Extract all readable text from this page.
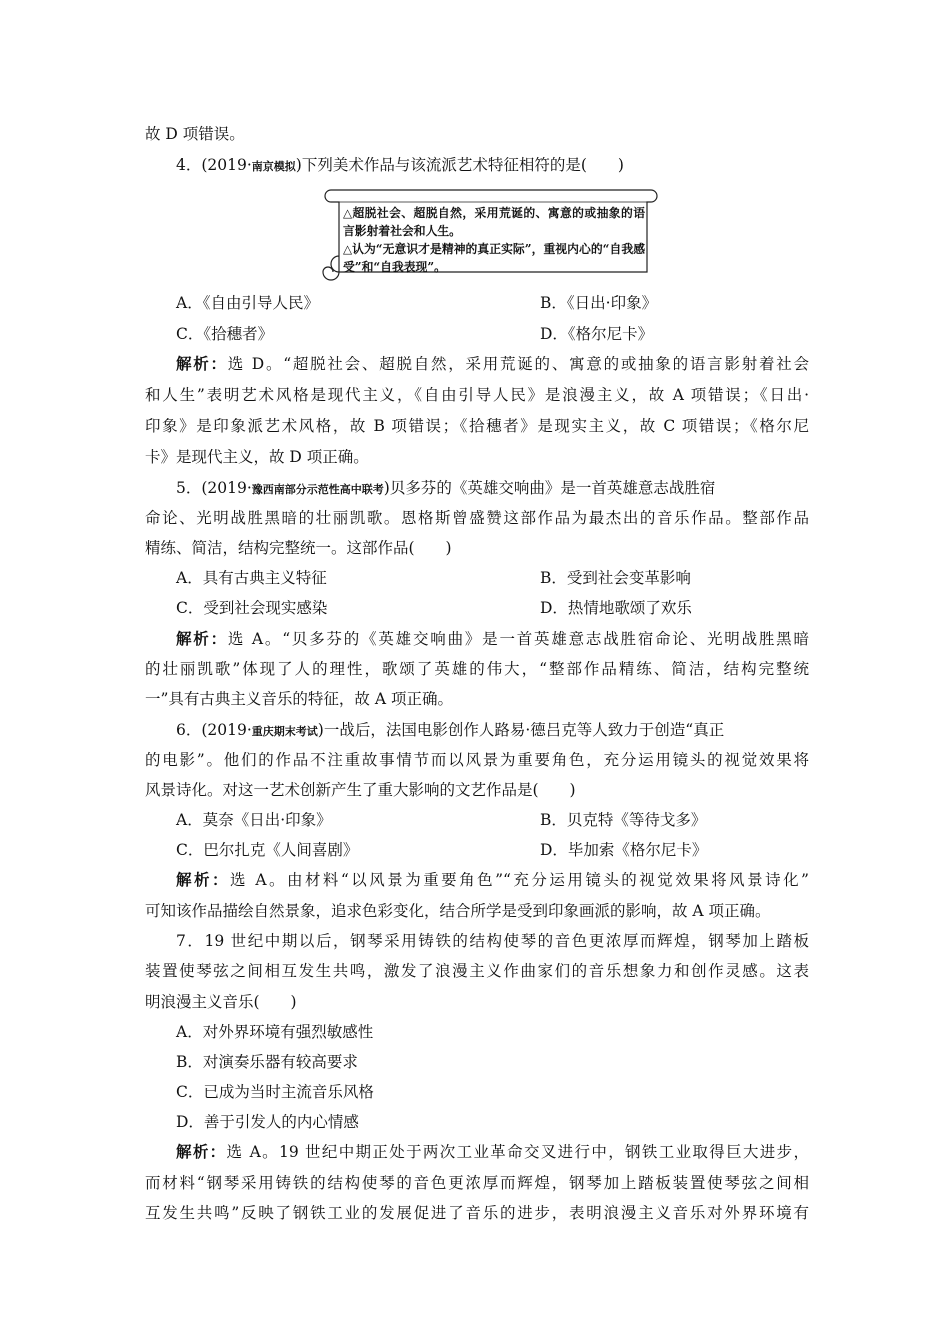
故 D 项错误。
4．(2019·南京模拟)下列美术作品与该流派艺术特征相符的是(　　)
△超脱社会、超脱自然，采用荒诞的、寓意的或抽象的语言影射着社会和人生。
△认为“无意识才是精神的真正实际”，重视内心的“自我感受”和“自我表现”。
A．《自由引导人民》	B．《日出·印象》
C．《拾穗者》	D．《格尔尼卡》
解析：选 D。“超脱社会、超脱自然，采用荒诞的、寓意的或抽象的语言影射着社会
和人生”表明艺术风格是现代主义，《自由引导人民》是浪漫主义，故 A 项错误；《日出·
印象》是印象派艺术风格，故 B 项错误；《拾穗者》是现实主义，故 C 项错误；《格尔尼
卡》是现代主义，故 D 项正确。
5．(2019·豫西南部分示范性高中联考)贝多芬的《英雄交响曲》是一首英雄意志战胜宿
命论、光明战胜黑暗的壮丽凯歌。恩格斯曾盛赞这部作品为最杰出的音乐作品。整部作品
精练、简洁，结构完整统一。这部作品(　　)
A．具有古典主义特征	B．受到社会变革影响
C．受到社会现实感染	D．热情地歌颂了欢乐
解析：选 A。“贝多芬的《英雄交响曲》是一首英雄意志战胜宿命论、光明战胜黑暗
的壮丽凯歌”体现了人的理性，歌颂了英雄的伟大，“整部作品精练、简洁，结构完整统
一”具有古典主义音乐的特征，故 A 项正确。
6．(2019·重庆期末考试)一战后，法国电影创作人路易·德吕克等人致力于创造“真正
的电影”。他们的作品不注重故事情节而以风景为重要角色，充分运用镜头的视觉效果将
风景诗化。对这一艺术创新产生了重大影响的文艺作品是(　　)
A．莫奈《日出·印象》	B．贝克特《等待戈多》
C．巴尔扎克《人间喜剧》	D．毕加索《格尔尼卡》
解析：选 A。由材料“以风景为重要角色”“充分运用镜头的视觉效果将风景诗化”
可知该作品描绘自然景象，追求色彩变化，结合所学是受到印象画派的影响，故 A 项正确。
7．19 世纪中期以后，钢琴采用铸铁的结构使琴的音色更浓厚而辉煌，钢琴加上踏板
装置使琴弦之间相互发生共鸣，激发了浪漫主义作曲家们的音乐想象力和创作灵感。这表
明浪漫主义音乐(　　)
A．对外界环境有强烈敏感性
B．对演奏乐器有较高要求
C．已成为当时主流音乐风格
D．善于引发人的内心情感
解析：选 A。19 世纪中期正处于两次工业革命交叉进行中，钢铁工业取得巨大进步，
而材料“钢琴采用铸铁的结构使琴的音色更浓厚而辉煌，钢琴加上踏板装置使琴弦之间相
互发生共鸣”反映了钢铁工业的发展促进了音乐的进步，表明浪漫主义音乐对外界环境有
